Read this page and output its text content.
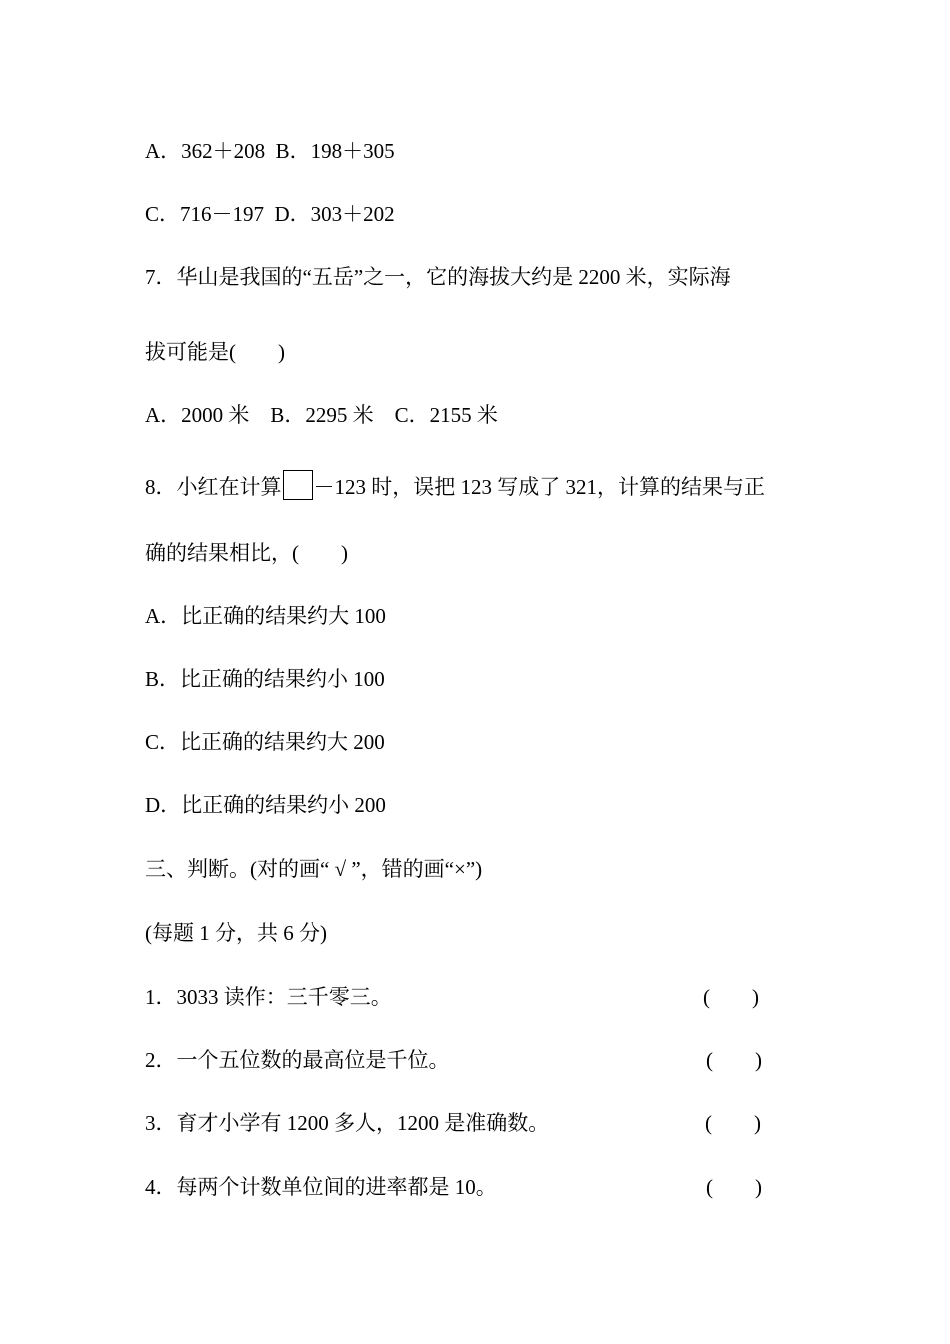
A．362＋208  B．198＋305
C．716－197  D．303＋202
7．华山是我国的“五岳”之一，它的海拔大约是 2200 米，实际海
拔可能是(　　)
A．2000 米　B．2295 米　C．2155 米
8．小红在计算 －123 时，误把 123 写成了 321，计算的结果与正
确的结果相比，(　　)
A．比正确的结果约大 100
B．比正确的结果约小 100
C．比正确的结果约大 200
D．比正确的结果约小 200
三、判断。(对的画“ √ ”，错的画“×”)
(每题 1 分，共 6 分)
1．3033 读作：三千零三。	(　　)
2．一个五位数的最高位是千位。	(　　)
3．育才小学有 1200 多人，1200 是准确数。	(　　)
4．每两个计数单位间的进率都是 10。	(　　)
